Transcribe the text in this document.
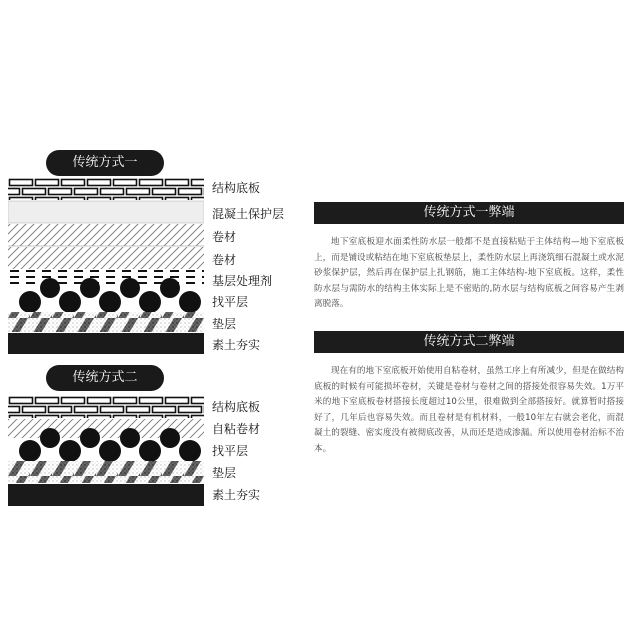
传统方式一
结构底板
混凝土保护层
卷材
卷材
基层处理剂
找平层
垫层
素土夯实
传统方式二
结构底板
自粘卷材
找平层
垫层
素土夯实
传统方式一弊端
地下室底板迎水面柔性防水层一般都不是直接粘贴于主体结构—地下室底板上，而是铺设或粘结在地下室底板垫层上，柔性防水层上再浇筑细石混凝土或水泥砂浆保护层，然后再在保护层上扎钢筋，施工主体结构-地下室底板。这样，柔性防水层与需防水的结构主体实际上是不密贴的,防水层与结构底板之间容易产生剥离脱落。
传统方式二弊端
现在有的地下室底板开始使用自粘卷材，虽然工序上有所减少，但是在做结构底板的时候有可能损坏卷材，关键是卷材与卷材之间的搭接处很容易失效。1万平米的地下室底板卷材搭接长度超过10公里，很难做到全部搭接好。就算暂时搭接好了，几年后也容易失效。而且卷材是有机材料，一般10年左右就会老化，而混凝土的裂缝、密实度没有被彻底改善，从而还是造成渗漏。所以使用卷材治标不治本。
